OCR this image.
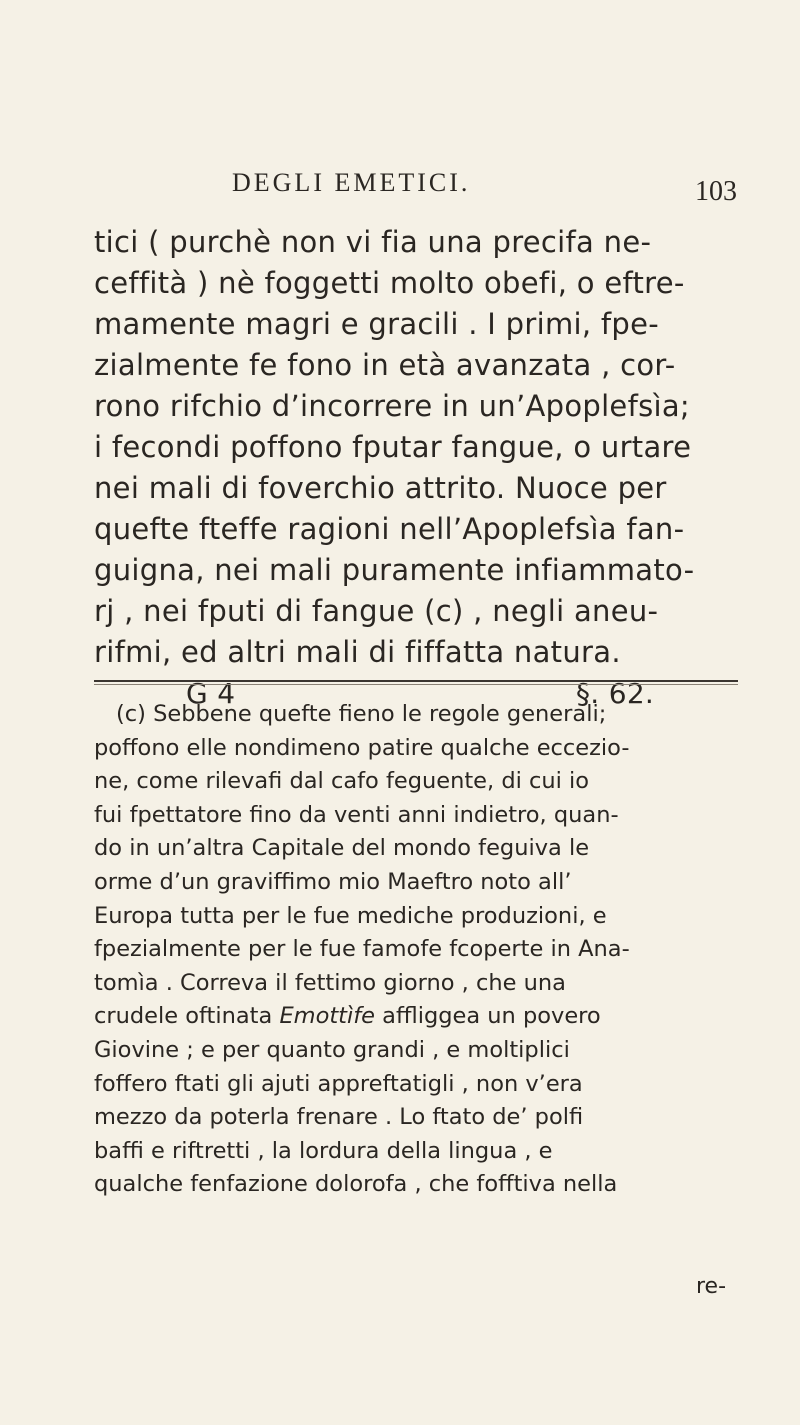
DEGLI EMETICI.	103
tici ( purchè non vi fia una precifa ne-
ceffità ) nè foggetti molto obefi, o eftre-
mamente magri e gracili . I primi, fpe-
zialmente fe fono in età avanzata , cor-
rono rifchio d’incorrere in un’Apoplefsìa;
i fecondi poffono fputar fangue, o urtare
nei mali di foverchio attrito. Nuoce per
quefte fteffe ragioni nell’Apoplefsìa fan-
guigna, nei mali puramente infiammato-
rj , nei fputi di fangue (c) , negli aneu-
rifmi, ed altri mali di fiffatta natura.
G 4	§. 62.
(c) Sebbene quefte fieno le regole generali;
poffono elle nondimeno patire qualche eccezio-
ne, come rilevafi dal cafo feguente, di cui io
fui fpettatore fino da venti anni indietro, quan-
do in un’altra Capitale del mondo feguiva le
orme d’un graviffimo mio Maeftro noto all’
Europa tutta per le fue mediche produzioni, e
fpezialmente per le fue famofe fcoperte in Ana-
tomìa . Correva il fettimo giorno , che una
crudele oftinata Emottìfe affliggea un povero
Giovine ; e per quanto grandi , e moltiplici
foffero ftati gli ajuti appreftatigli , non v’era
mezzo da poterla frenare . Lo ftato de’ polfi
baffi e riftretti , la lordura della lingua , e
qualche fenfazione dolorofa , che fofftiva nella
re-
